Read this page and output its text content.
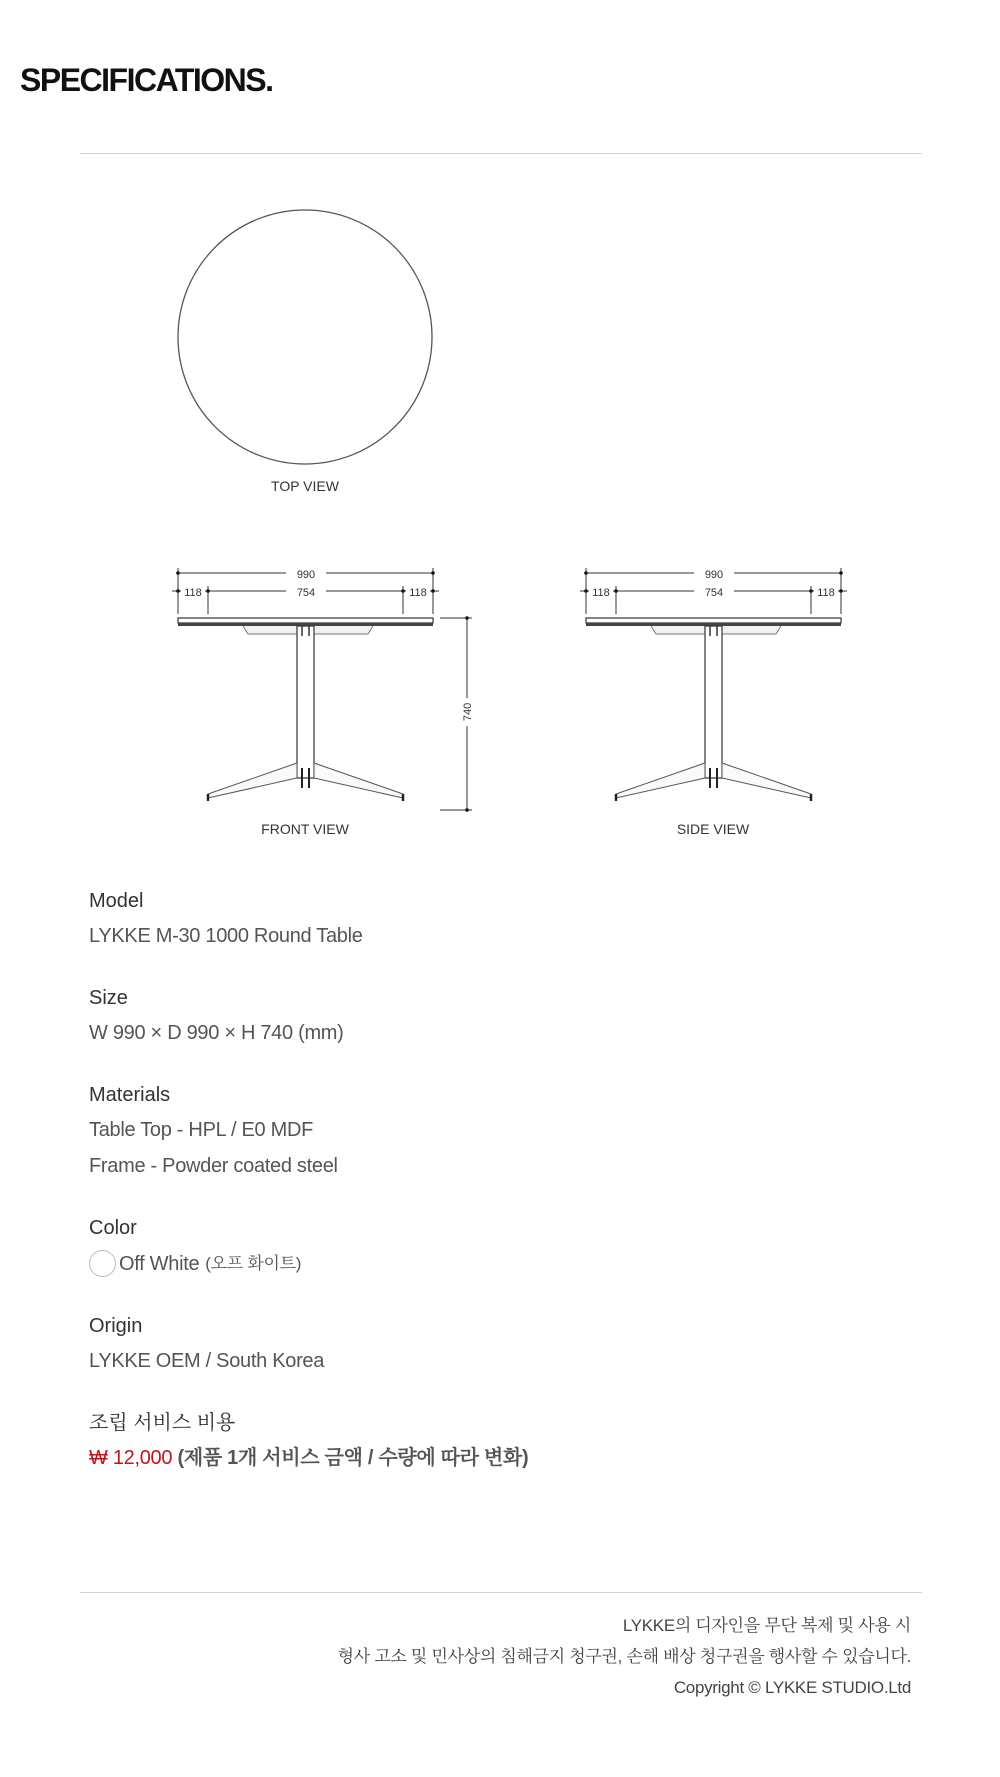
SPECIFICATIONS.
TOP VIEW
990
754
118	118
740
FRONT VIEW
990
754
118	118
SIDE VIEW

Model

LYKKE M-30 1000 Round Table

Size

W 990 × D 990 × H 740 (mm)

Materials

Table Top - HPL / E0 MDF

Frame - Powder coated steel

Color

Off White (오프 화이트)

Origin

LYKKE OEM / South Korea

조립 서비스 비용

₩ 12,000 (제품 1개 서비스 금액 / 수량에 따라 변화)

LYKKE의 디자인을 무단 복제 및 사용 시

형사 고소 및 민사상의 침해금지 청구권, 손해 배상 청구권을 행사할 수 있습니다.

Copyright © LYKKE STUDIO.Ltd
